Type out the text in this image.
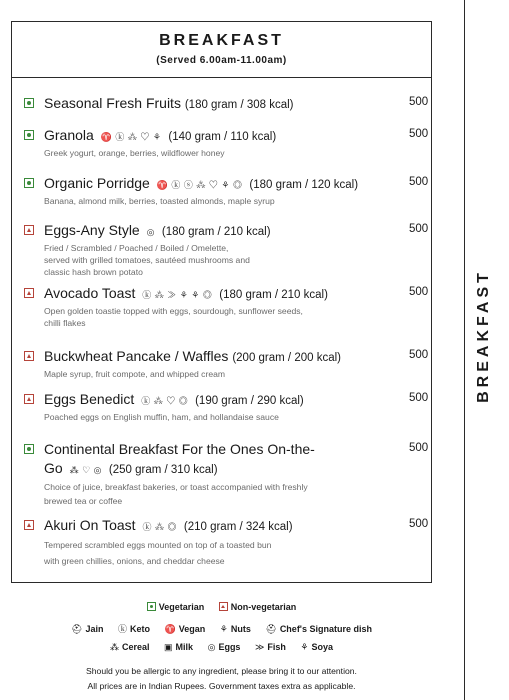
BREAKFAST
(Served 6.00am-11.00am)
BREAKFAST
Seasonal Fresh Fruits (180 gram / 308 kcal)	500
Granola ♈ ⓚ ⁂ ♡ ⚘ (140 gram / 110 kcal)	500
Greek yogurt, orange, berries, wildflower honey
Organic Porridge ♈ ⓚ ⓢ ⁂ ♡ ⚘ ◎ (180 gram / 120 kcal)	500
Banana, almond milk, berries, toasted almonds, maple syrup
Eggs-Any Style ◎ (180 gram / 210 kcal)	500
Fried / Scrambled / Poached / Boiled / Omelette,
served with grilled tomatoes, sautéed mushrooms and
classic hash brown potato
Avocado Toast ⓚ ⁂ ≫ ⚘ ⚘ ◎ (180 gram / 210 kcal)	500
Open golden toastie topped with eggs, sourdough, sunflower seeds,
chilli flakes
Buckwheat Pancake / Waffles (200 gram / 200 kcal)	500
Maple syrup, fruit compote, and whipped cream
Eggs Benedict ⓚ ⁂ ♡ ◎ (190 gram / 290 kcal)	500
Poached eggs on English muffin, ham, and hollandaise sauce
Continental Breakfast For the Ones On-the-
Go ⁂ ♡ ◎ (250 gram / 310 kcal)
500
Choice of juice, breakfast bakeries, or toast accompanied with freshly
brewed tea or coffee
Akuri On Toast ⓚ ⁂ ◎ (210 gram / 324 kcal)	500
Tempered scrambled eggs mounted on top of a toasted bun
with green chillies, onions, and cheddar cheese
Vegetarian	Non-vegetarian
⛑ Jain ⓚ Keto ♈ Vegan ⚘ Nuts ⛑ Chef's Signature dish
⁂ Cereal ▣ Milk ◎ Eggs ≫ Fish ⚘ Soya
Should you be allergic to any ingredient, please bring it to our attention.
All prices are in Indian Rupees. Government taxes extra as applicable.
